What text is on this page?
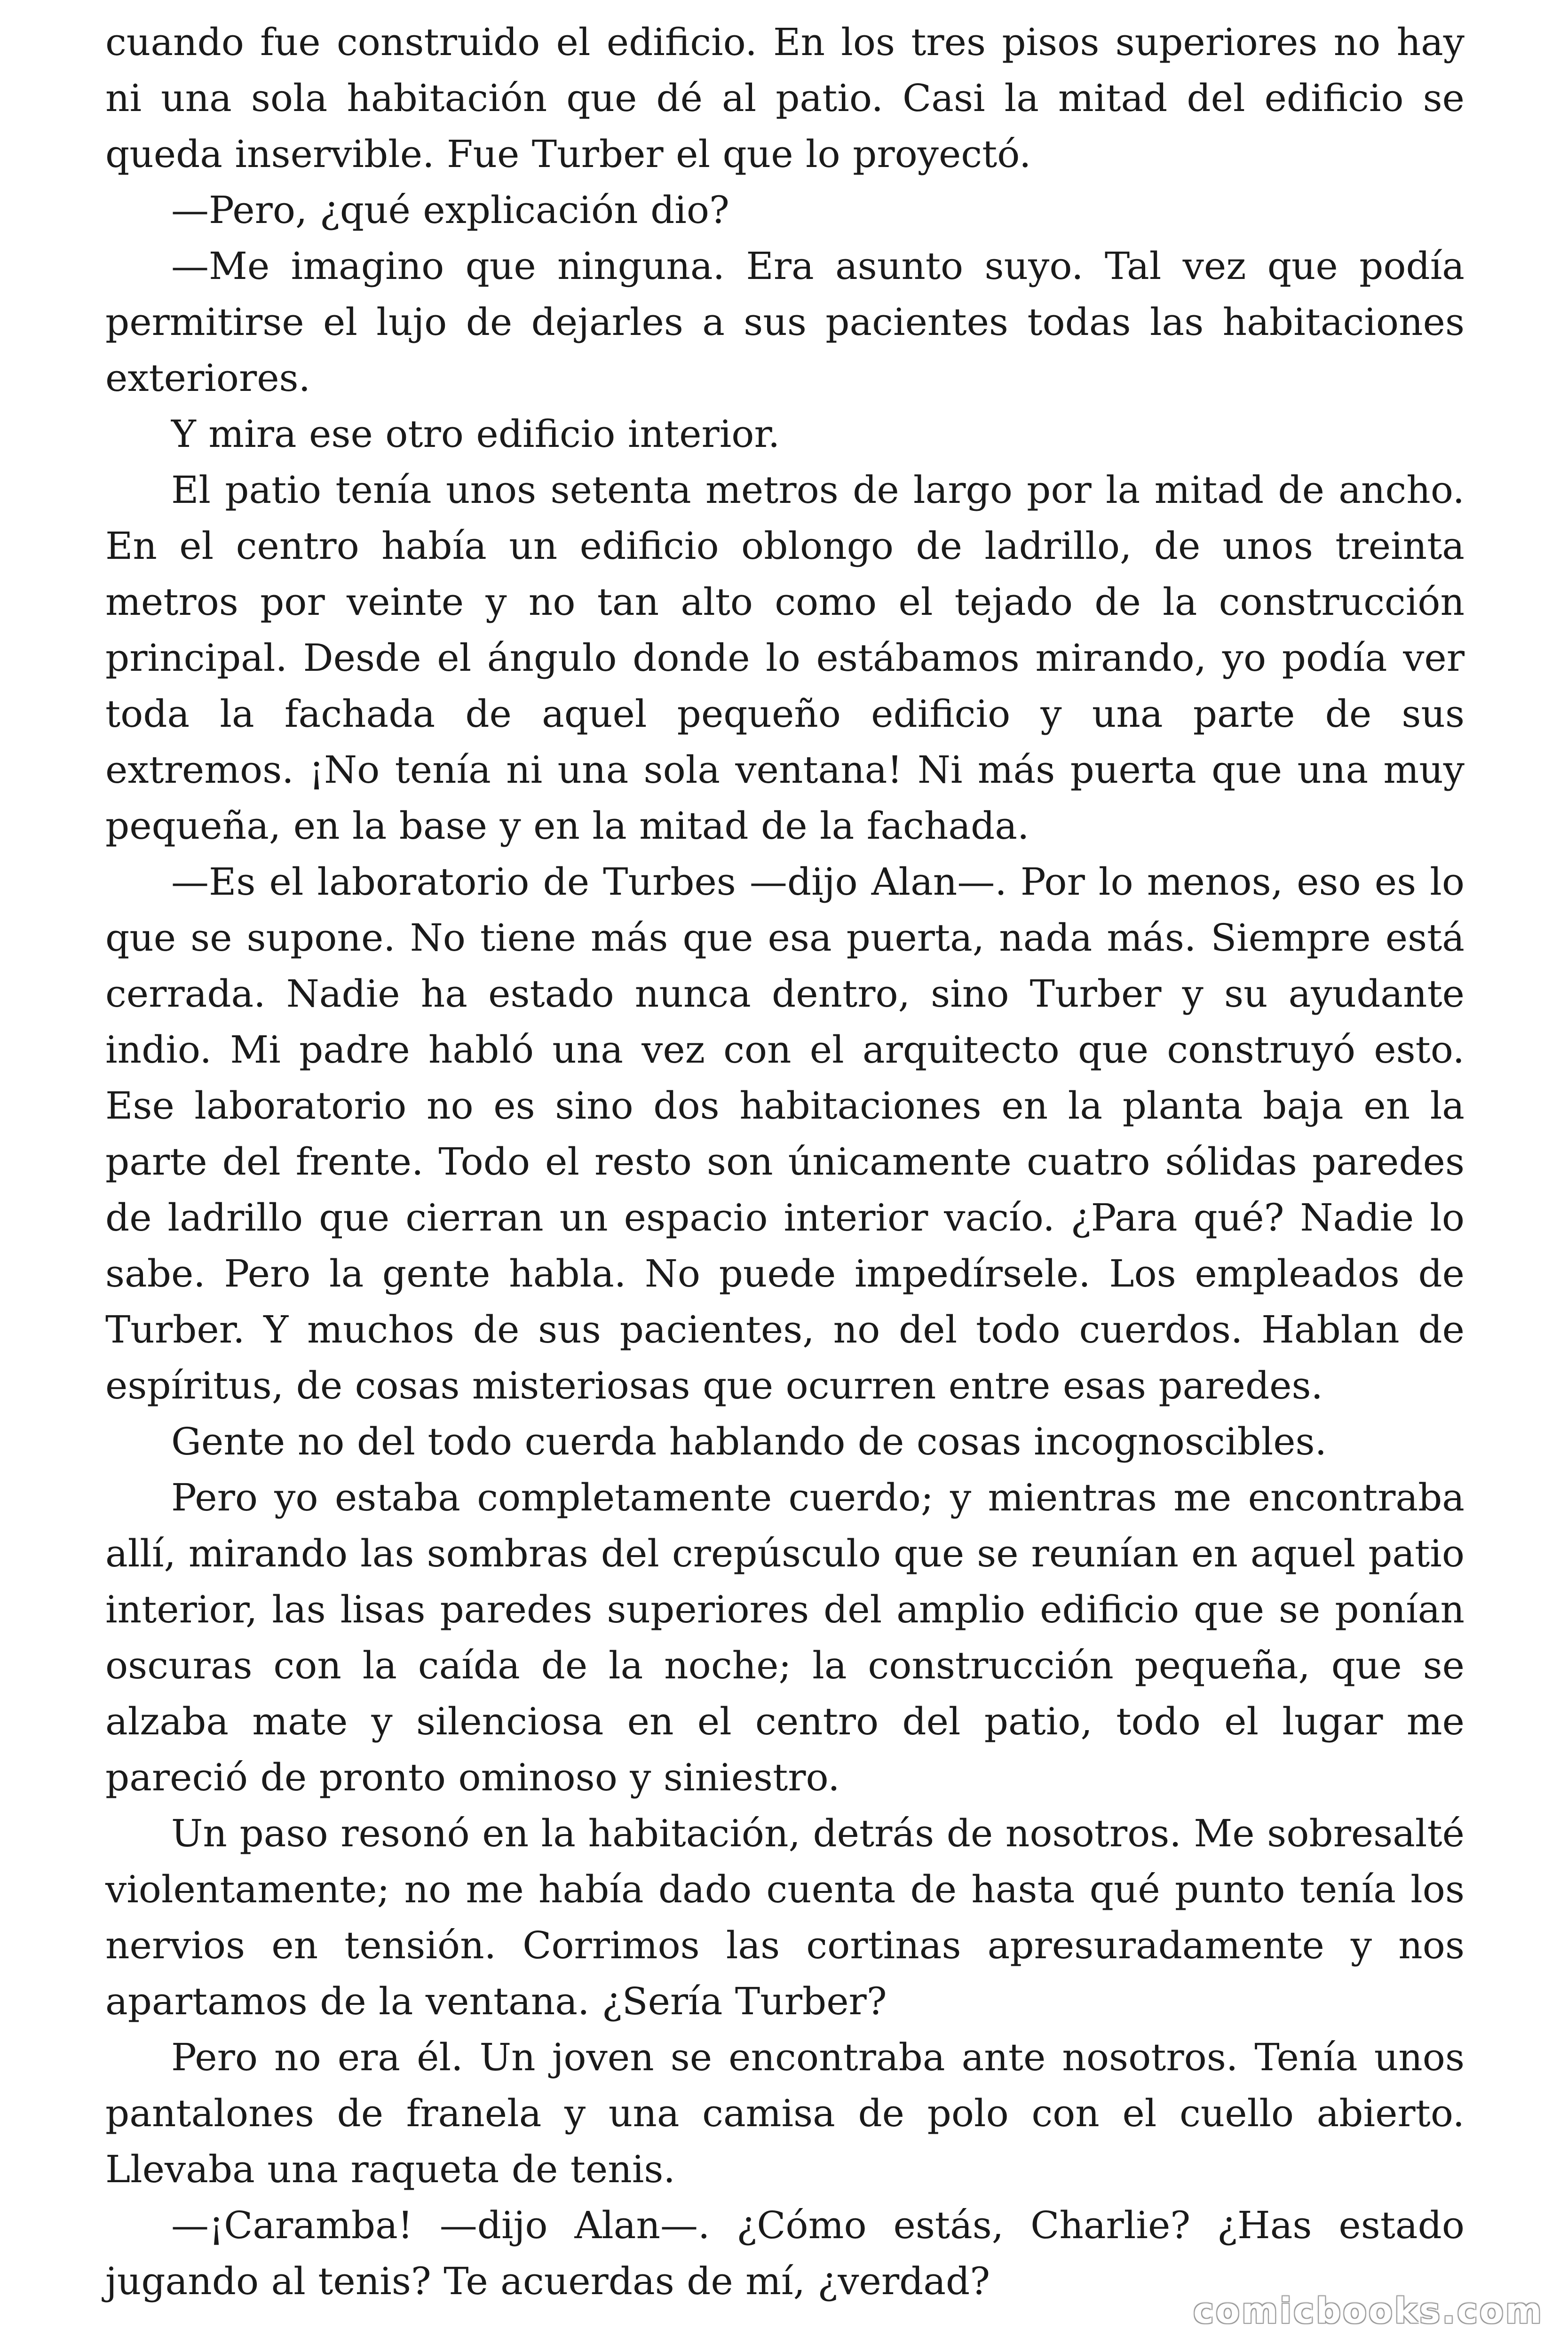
cuando fue construido el edificio. En los tres pisos superiores no hay ni una sola habitación que dé al patio. Casi la mitad del edificio se queda inservible. Fue Turber el que lo proyectó.

—Pero, ¿qué explicación dio?

—Me imagino que ninguna. Era asunto suyo. Tal vez que podía permitirse el lujo de dejarles a sus pacientes todas las habitaciones exteriores.

Y mira ese otro edificio interior.

El patio tenía unos setenta metros de largo por la mitad de ancho. En el centro había un edificio oblongo de ladrillo, de unos treinta metros por veinte y no tan alto como el tejado de la construcción principal. Desde el ángulo donde lo estábamos mirando, yo podía ver toda la fachada de aquel pequeño edificio y una parte de sus extremos. ¡No tenía ni una sola ventana! Ni más puerta que una muy pequeña, en la base y en la mitad de la fachada.

—Es el laboratorio de Turbes —dijo Alan—. Por lo menos, eso es lo que se supone. No tiene más que esa puerta, nada más. Siempre está cerrada. Nadie ha estado nunca dentro, sino Turber y su ayudante indio. Mi padre habló una vez con el arquitecto que construyó esto. Ese laboratorio no es sino dos habitaciones en la planta baja en la parte del frente. Todo el resto son únicamente cuatro sólidas paredes de ladrillo que cierran un espacio interior vacío. ¿Para qué? Nadie lo sabe. Pero la gente habla. No puede impedírsele. Los empleados de Turber. Y muchos de sus pacientes, no del todo cuerdos. Hablan de espíritus, de cosas misteriosas que ocurren entre esas paredes.

Gente no del todo cuerda hablando de cosas incognoscibles.

Pero yo estaba completamente cuerdo; y mientras me encontraba allí, mirando las sombras del crepúsculo que se reunían en aquel patio interior, las lisas paredes superiores del amplio edificio que se ponían oscuras con la caída de la noche; la construcción pequeña, que se alzaba mate y silenciosa en el centro del patio, todo el lugar me pareció de pronto ominoso y siniestro.

Un paso resonó en la habitación, detrás de nosotros. Me sobresalté violentamente; no me había dado cuenta de hasta qué punto tenía los nervios en tensión. Corrimos las cortinas apresuradamente y nos apartamos de la ventana. ¿Sería Turber?

Pero no era él. Un joven se encontraba ante nosotros. Tenía unos pantalones de franela y una camisa de polo con el cuello abierto. Llevaba una raqueta de tenis.

—¡Caramba! —dijo Alan—. ¿Cómo estás, Charlie? ¿Has estado jugando al tenis? Te acuerdas de mí, ¿verdad?

comicbooks.com
